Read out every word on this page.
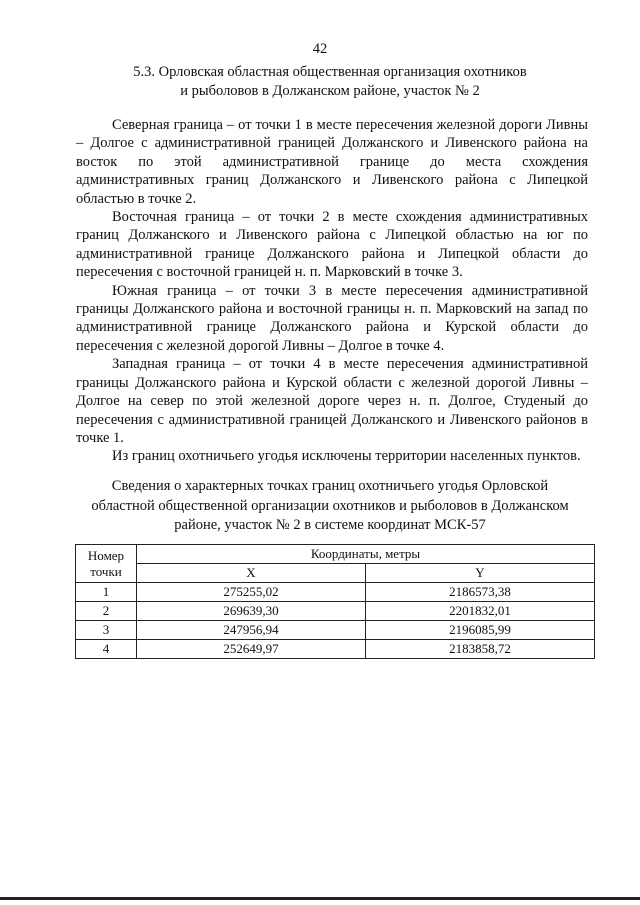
42
5.3. Орловская областная общественная организация охотников
и рыболовов в Должанском районе, участок № 2

Северная граница – от точки 1 в месте пересечения железной дороги Ливны – Долгое с административной границей Должанского и Ливенского района на восток по этой административной границе до места схождения административных границ Должанского и Ливенского района с Липецкой областью в точке 2.

Восточная граница – от точки 2 в месте схождения административных границ Должанского и Ливенского района с Липецкой областью на юг по административной границе Должанского района и Липецкой области до пересечения с восточной границей н. п. Марковский в точке 3.

Южная граница – от точки 3 в месте пересечения административной границы Должанского района и восточной границы н. п. Марковский на запад по административной границе Должанского района и Курской области до пересечения с железной дорогой Ливны – Долгое в точке 4.

Западная граница – от точки 4 в месте пересечения административной границы Должанского района и Курской области с железной дорогой Ливны – Долгое на север по этой железной дороге через н. п. Долгое, Студеный до пересечения с административной границей Должанского и Ливенского районов в точке 1.

Из границ охотничьего угодья исключены территории населенных пунктов.

Сведения о характерных точках границ охотничьего угодья Орловской
областной общественной организации охотников и рыболовов в Должанском
районе, участок № 2 в системе координат МСК-57
Номер
точки	Координаты, метры	
	X	Y
1	275255,02	2186573,38
2	269639,30	2201832,01
3	247956,94	2196085,99
4	252649,97	2183858,72
